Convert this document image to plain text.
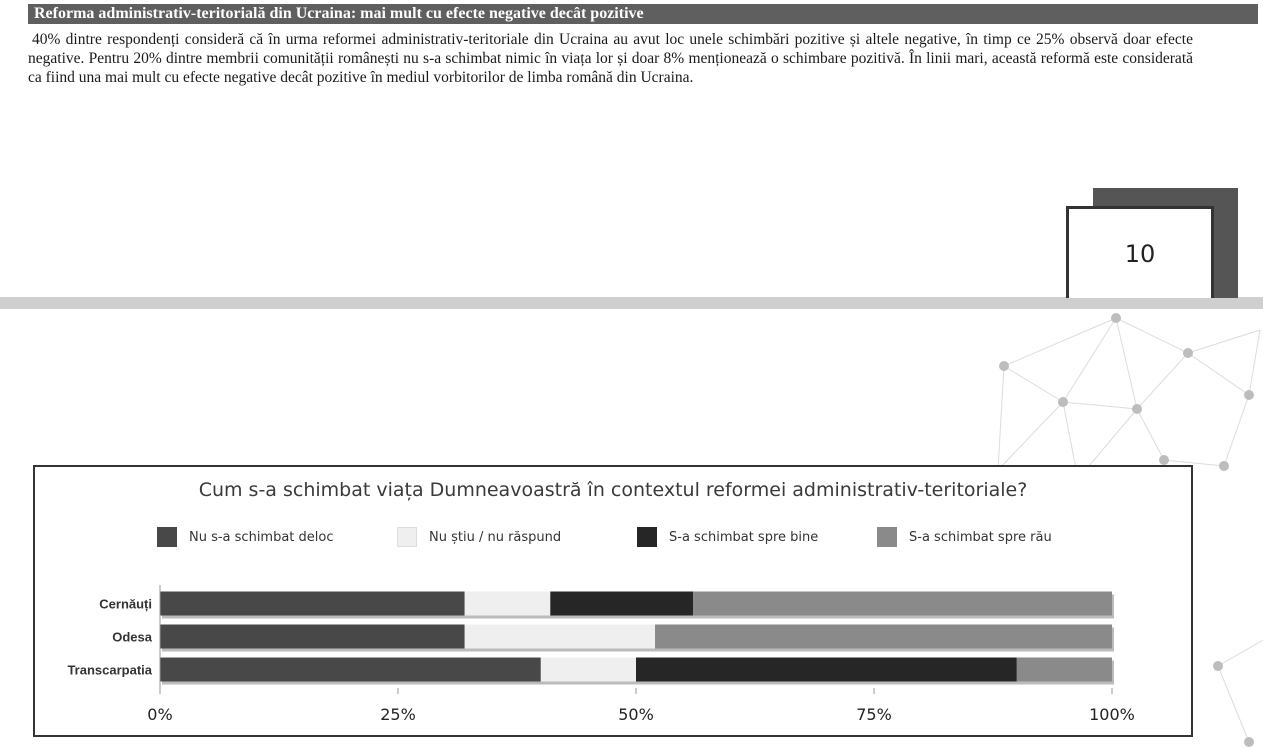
Reforma administrativ-teritorială din Ucraina: mai mult cu efecte negative decât pozitive
40% dintre respondenți consideră că în urma reformei administrativ-teritoriale din Ucraina au avut loc unele schimbări pozitive și altele negative, în timp ce 25% observă doar efecte negative. Pentru 20% dintre membrii comunității românești nu s-a schimbat nimic în viața lor și doar 8% menționează o schimbare pozitivă. În linii mari, această reformă este considerată ca fiind una mai mult cu efecte negative decât pozitive în mediul vorbitorilor de limba română din Ucraina.
10
Cum s-a schimbat viața Dumneavoastră în contextul reformei administrativ-teritoriale?
Nu s-a schimbat deloc	Nu știu / nu răspund	S-a schimbat spre bine	S-a schimbat spre rău
Cernăuți
Odesa
Transcarpatia
0%	25%	50%	75%	100%
